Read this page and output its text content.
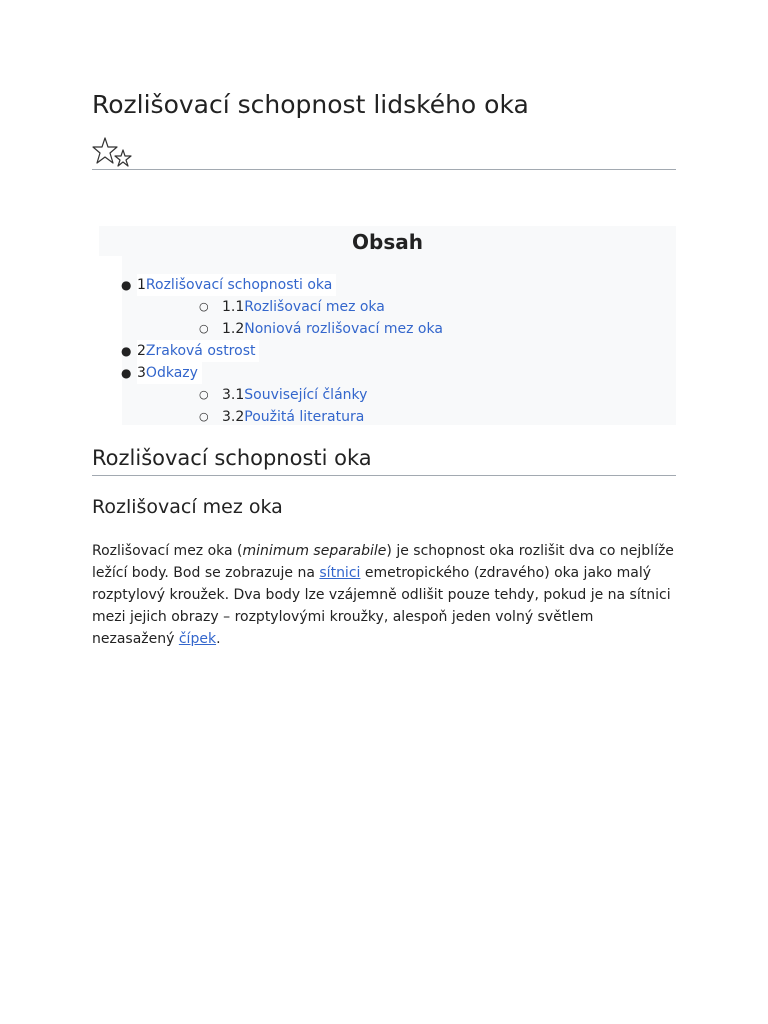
Rozlišovací schopnost lidského oka
Obsah
● 1Rozlišovací schopnosti oka
○ 1.1Rozlišovací mez oka
○ 1.2Noniová rozlišovací mez oka
● 2Zraková ostrost
● 3Odkazy
○ 3.1Související články
○ 3.2Použitá literatura
Rozlišovací schopnosti oka
Rozlišovací mez oka

Rozlišovací mez oka (minimum separabile) je schopnost oka rozlišit dva co nejblíže
ležící body. Bod se zobrazuje na sítnici emetropického (zdravého) oka jako malý
rozptylový kroužek. Dva body lze vzájemně odlišit pouze tehdy, pokud je na sítnici
mezi jejich obrazy – rozptylovými kroužky, alespoň jeden volný světlem
nezasažený čípek.
